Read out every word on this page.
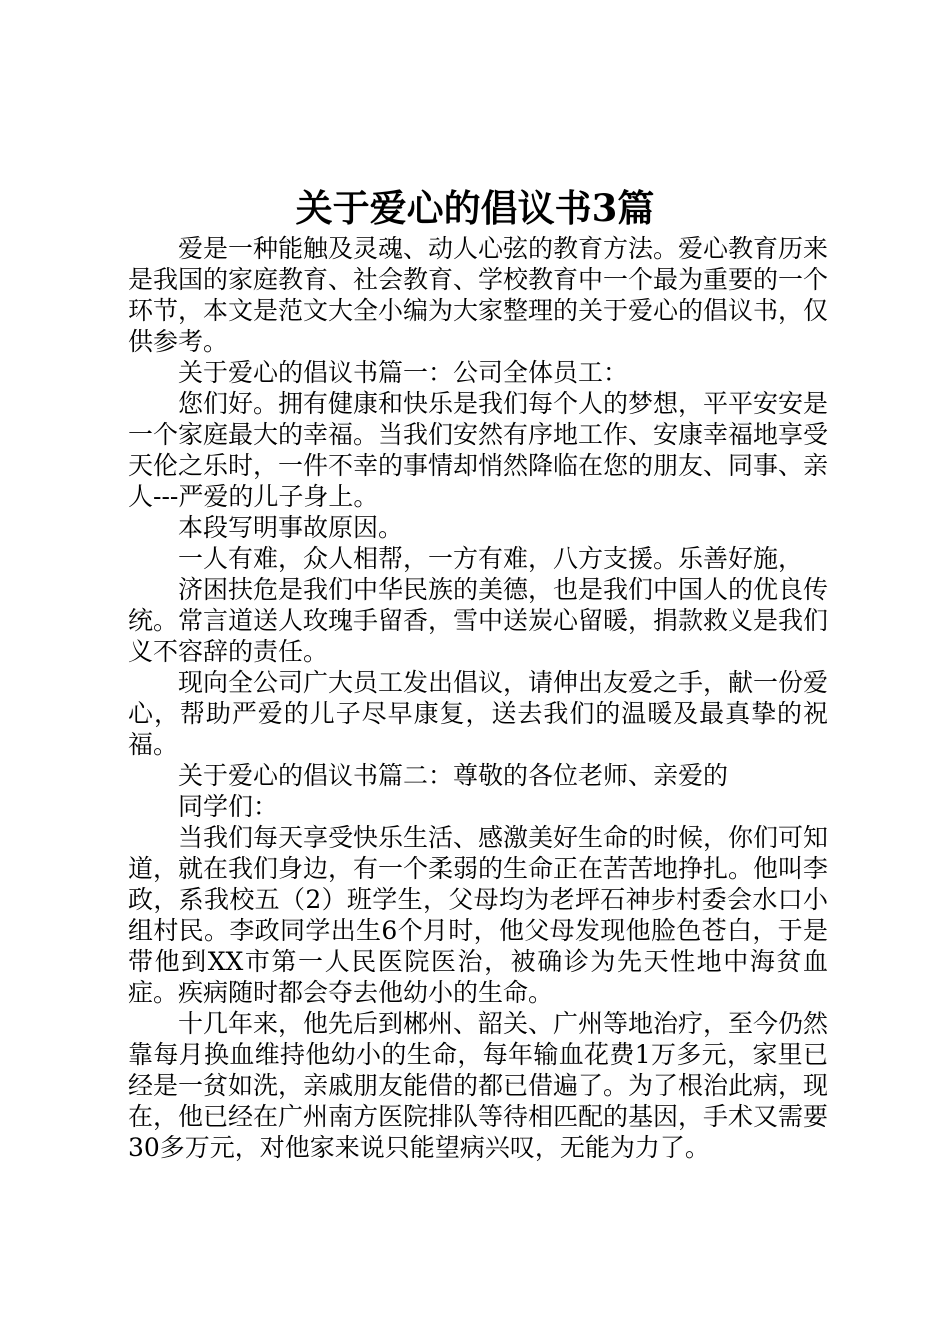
关于爱心的倡议书3篇

爱是一种能触及灵魂、动人心弦的教育方法。爱心教育历来是我国的家庭教育、社会教育、学校教育中一个最为重要的一个环节，本文是范文大全小编为大家整理的关于爱心的倡议书，仅供参考。

关于爱心的倡议书篇一：公司全体员工：

您们好。拥有健康和快乐是我们每个人的梦想，平平安安是一个家庭最大的幸福。当我们安然有序地工作、安康幸福地享受天伦之乐时，一件不幸的事情却悄然降临在您的朋友、同事、亲人---严爱的儿子身上。

本段写明事故原因。

一人有难，众人相帮，一方有难，八方支援。乐善好施，

济困扶危是我们中华民族的美德，也是我们中国人的优良传统。常言道送人玫瑰手留香，雪中送炭心留暖，捐款救义是我们义不容辞的责任。

现向全公司广大员工发出倡议，请伸出友爱之手，献一份爱心，帮助严爱的儿子尽早康复，送去我们的温暖及最真挚的祝福。

关于爱心的倡议书篇二：尊敬的各位老师、亲爱的

同学们：

当我们每天享受快乐生活、感激美好生命的时候，你们可知道，就在我们身边，有一个柔弱的生命正在苦苦地挣扎。他叫李政，系我校五（2）班学生，父母均为老坪石神步村委会水口小组村民。李政同学出生6个月时，他父母发现他脸色苍白，于是带他到XX市第一人民医院医治，被确诊为先天性地中海贫血症。疾病随时都会夺去他幼小的生命。

十几年来，他先后到郴州、韶关、广州等地治疗，至今仍然靠每月换血维持他幼小的生命，每年输血花费1万多元，家里已经是一贫如洗，亲戚朋友能借的都已借遍了。为了根治此病，现在，他已经在广州南方医院排队等待相匹配的基因，手术又需要30多万元，对他家来说只能望病兴叹，无能为力了。
